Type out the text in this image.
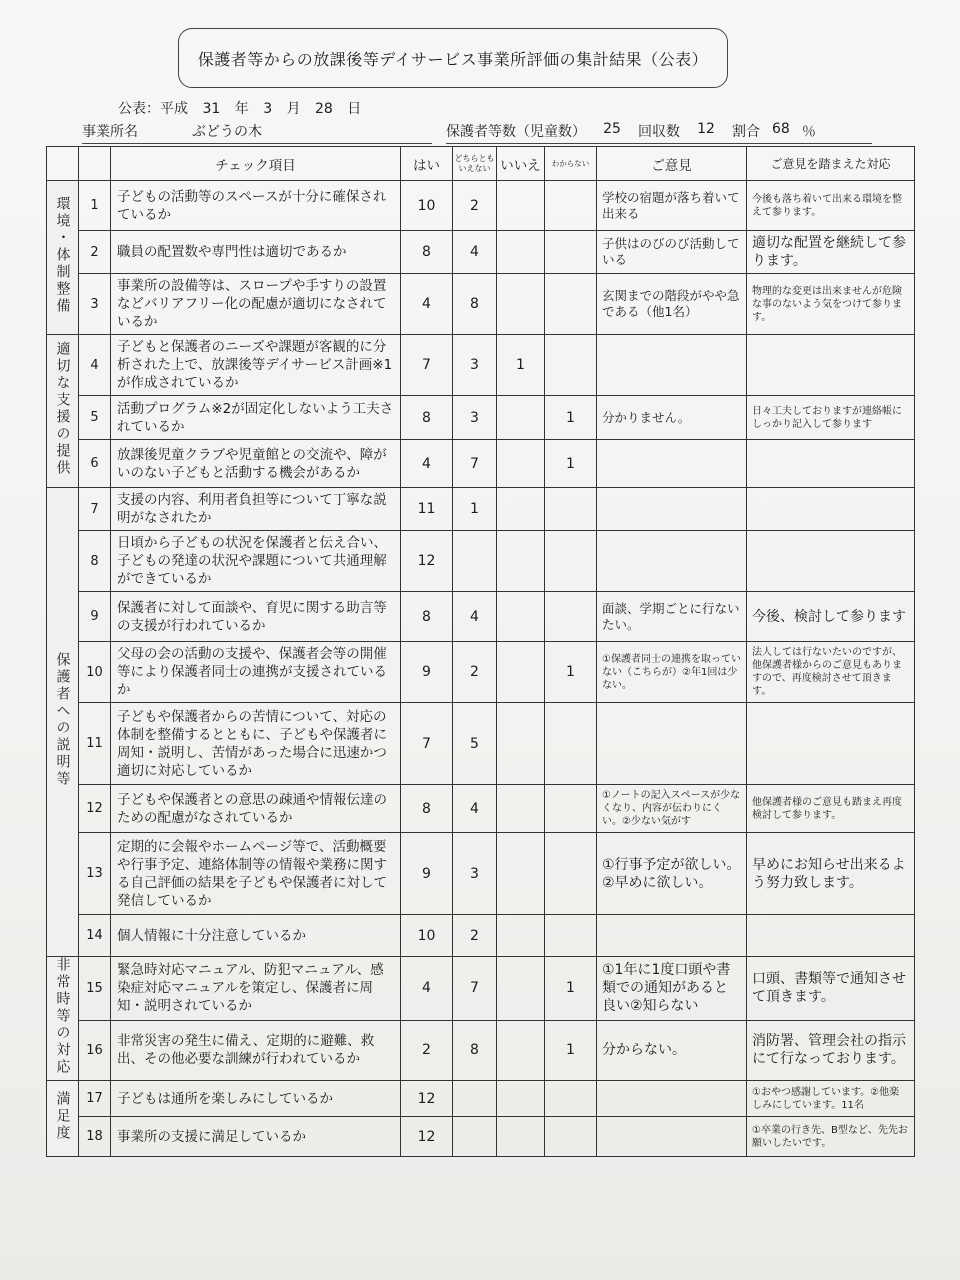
保護者等からの放課後等デイサービス事業所評価の集計結果（公表）
公表：平成 31 年 3 月 28 日
事業所名	ぶどうの木	保護者等数（児童数）	25	回収数	12	割合 68 ％
		チェック項目	はい	どちらともいえない	いいえ	わからない	ご意見	ご意見を踏まえた対応
環境・体制整備	1	子どもの活動等のスペースが十分に確保されているか	10	2			学校の宿題が落ち着いて出来る	今後も落ち着いて出来る環境を整えて参ります。
	2	職員の配置数や専門性は適切であるか	8	4			子供はのびのび活動している	適切な配置を継続して参ります。
	3	事業所の設備等は、スロープや手すりの設置などバリアフリー化の配慮が適切になされているか	4	8			玄関までの階段がやや急である（他1名）	物理的な変更は出来ませんが危険な事のないよう気をつけて参ります。
適切な支援の提供	4	子どもと保護者のニーズや課題が客観的に分析された上で、放課後等デイサービス計画※1が作成されているか	7	3	1			
	5	活動プログラム※2が固定化しないよう工夫されているか	8	3		1	分かりません。	日々工夫しておりますが連絡帳にしっかり記入して参ります
	6	放課後児童クラブや児童館との交流や、障がいのない子どもと活動する機会があるか	4	7		1		
保護者への説明等	7	支援の内容、利用者負担等について丁寧な説明がなされたか	11	1				
	8	日頃から子どもの状況を保護者と伝え合い、子どもの発達の状況や課題について共通理解ができているか	12					
	9	保護者に対して面談や、育児に関する助言等の支援が行われているか	8	4			面談、学期ごとに行ないたい。	今後、検討して参ります
	10	父母の会の活動の支援や、保護者会等の開催等により保護者同士の連携が支援されているか	9	2		1	①保護者同士の連携を取っていない（こちらが）②年1回は少ない。	法人しては行ないたいのですが、他保護者様からのご意見もありますので、再度検討させて頂きます。
	11	子どもや保護者からの苦情について、対応の体制を整備するとともに、子どもや保護者に周知・説明し、苦情があった場合に迅速かつ適切に対応しているか	7	5				
	12	子どもや保護者との意思の疎通や情報伝達のための配慮がなされているか	8	4			①ノートの記入スペースが少なくなり、内容が伝わりにくい。②少ない気がす	他保護者様のご意見も踏まえ再度検討して参ります。
	13	定期的に会報やホームページ等で、活動概要や行事予定、連絡体制等の情報や業務に関する自己評価の結果を子どもや保護者に対して発信しているか	9	3			①行事予定が欲しい。②早めに欲しい。	早めにお知らせ出来るよう努力致します。
	14	個人情報に十分注意しているか	10	2				
非常時等の対応	15	緊急時対応マニュアル、防犯マニュアル、感染症対応マニュアルを策定し、保護者に周知・説明されているか	4	7		1	①1年に1度口頭や書類での通知があると良い②知らない	口頭、書類等で通知させて頂きます。
	16	非常災害の発生に備え、定期的に避難、救出、その他必要な訓練が行われているか	2	8		1	分からない。	消防署、管理会社の指示にて行なっております。
満足度	17	子どもは通所を楽しみにしているか	12					①おやつ感謝しています。②他楽しみにしています。11名
	18	事業所の支援に満足しているか	12					①卒業の行き先、B型など、先先お願いしたいです。
